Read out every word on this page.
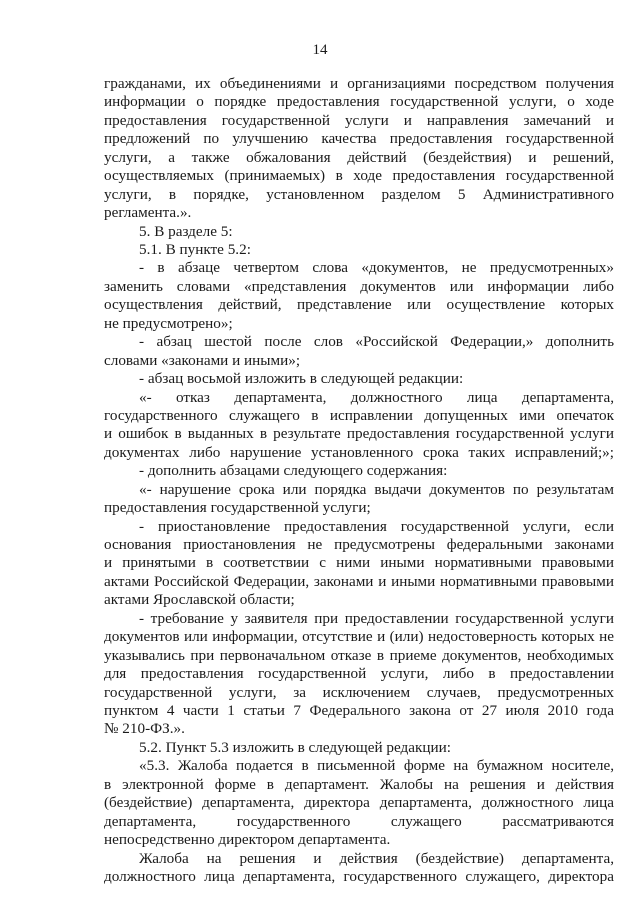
14
гражданами, их объединениями и организациями посредством получения
информации о порядке предоставления государственной услуги, о ходе
предоставления государственной услуги и направления замечаний и
предложений по улучшению качества предоставления государственной
услуги, а также обжалования действий (бездействия) и решений,
осуществляемых (принимаемых) в ходе предоставления государственной
услуги, в порядке, установленном разделом 5 Административного
регламента.».
5. В разделе 5:
5.1. В пункте 5.2:
- в абзаце четвертом слова «документов, не предусмотренных»
заменить словами «представления документов или информации либо
осуществления действий, представление или осуществление которых
не предусмотрено»;
- абзац шестой после слов «Российской Федерации,» дополнить
словами «законами и иными»;
- абзац восьмой изложить в следующей редакции:
«- отказ департамента, должностного лица департамента,
государственного служащего в исправлении допущенных ими опечаток
и ошибок в выданных в результате предоставления государственной услуги
документах либо нарушение установленного срока таких исправлений;»;
- дополнить абзацами следующего содержания:
«- нарушение срока или порядка выдачи документов по результатам
предоставления государственной услуги;
- приостановление предоставления государственной услуги, если
основания приостановления не предусмотрены федеральными законами
и принятыми в соответствии с ними иными нормативными правовыми
актами Российской Федерации, законами и иными нормативными правовыми
актами Ярославской области;
- требование у заявителя при предоставлении государственной услуги
документов или информации, отсутствие и (или) недостоверность которых не
указывались при первоначальном отказе в приеме документов, необходимых
для предоставления государственной услуги, либо в предоставлении
государственной услуги, за исключением случаев, предусмотренных
пунктом 4 части 1 статьи 7 Федерального закона от 27 июля 2010 года
№ 210-ФЗ.».
5.2. Пункт 5.3 изложить в следующей редакции:
«5.3. Жалоба подается в письменной форме на бумажном носителе,
в электронной форме в департамент. Жалобы на решения и действия
(бездействие) департамента, директора департамента, должностного лица
департамента, государственного служащего рассматриваются
непосредственно директором департамента.
Жалоба на решения и действия (бездействие) департамента,
должностного лица департамента, государственного служащего, директора
